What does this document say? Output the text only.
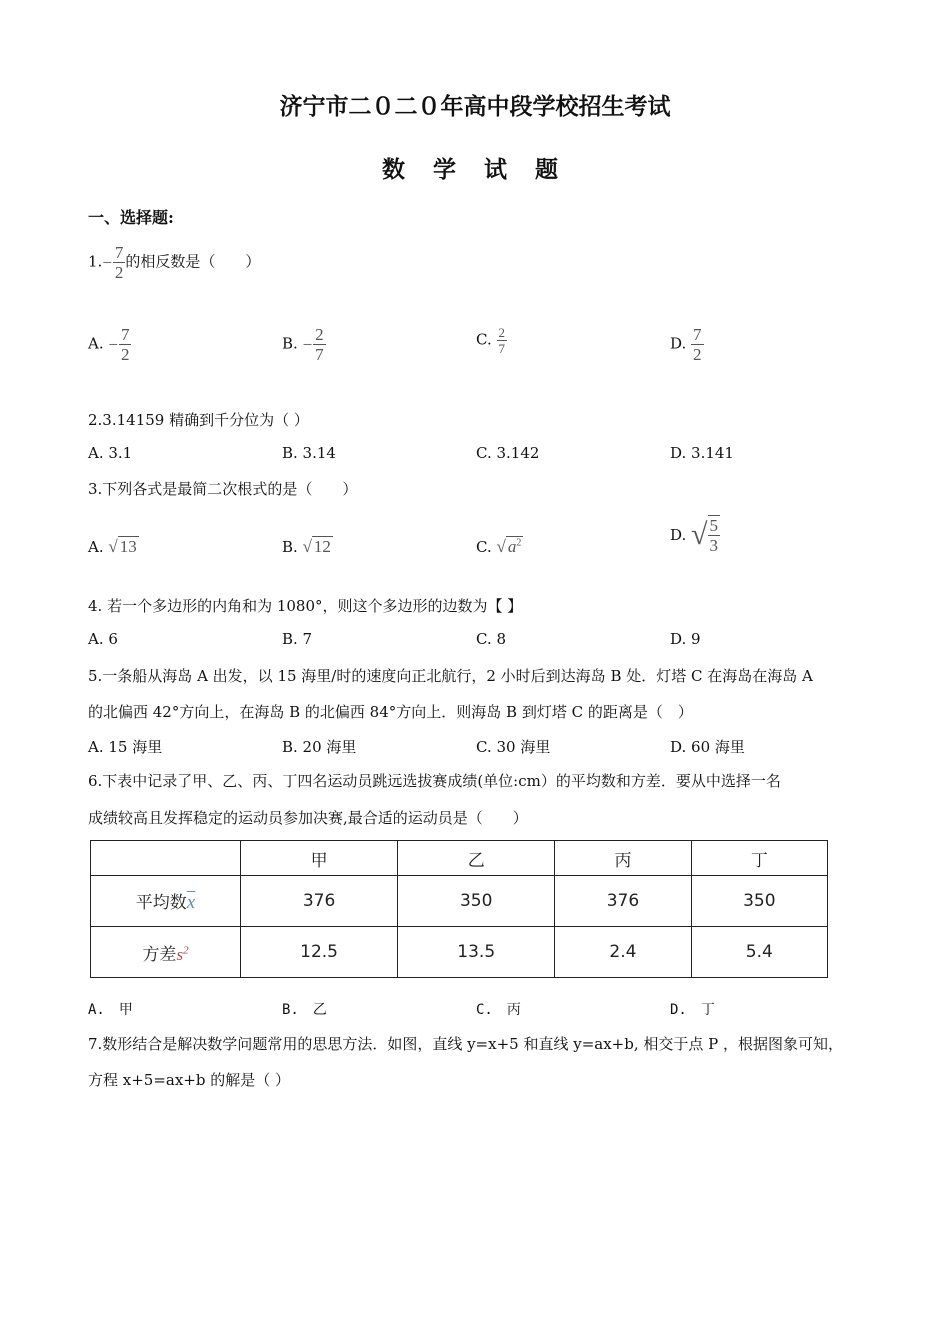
济宁市二０二０年高中段学校招生考试
数 学 试 题
一、选择题:
$1.- \frac{7}{2}$ 的相反数是（　　）
A. − $\frac{7}{2}$	B. − $\frac{2}{7}$	C. $\frac{2}{7}$	D. $\frac{7}{2}$
2.3.14159 精确到千分位为（ ）
A. 3.1	B. 3.14	C. 3.142	D. 3.141
3.下列各式是最简二次根式的是（　　）
A. √ 13	B. √ 12	C. √ $a^2$	D. √ $\frac{5}{3}$
4. 若一个多边形的内角和为 1080°，则这个多边形的边数为【 】
A. 6	B. 7	C. 8	D. 9
5.一条船从海岛 A 出发，以 15 海里/时的速度向正北航行，2 小时后到达海岛 B 处．灯塔 C 在海岛在海岛 A
的北偏西 42°方向上，在海岛 B 的北偏西 84°方向上．则海岛 B 到灯塔 C 的距离是（　）
A. 15 海里	B. 20 海里	C. 30 海里	D. 60 海里
6.下表中记录了甲、乙、丙、丁四名运动员跳远选拔赛成绩(单位:cm）的平均数和方差．要从中选择一名
成绩较高且发挥稳定的运动员参加决赛,最合适的运动员是（　　）
	甲	乙	丙	丁
平均数$\overline{x}$	376	350	376	350
方差$s^2$	12.5	13.5	2.4	5.4
A.　甲	B.　乙	C.　丙	D.　丁
7.数形结合是解决数学问题常用的思思方法．如图，直线 y=x+5 和直线 y=ax+b, 相交于点 P ，根据图象可知，
方程 x+5=ax+b 的解是（ ）
